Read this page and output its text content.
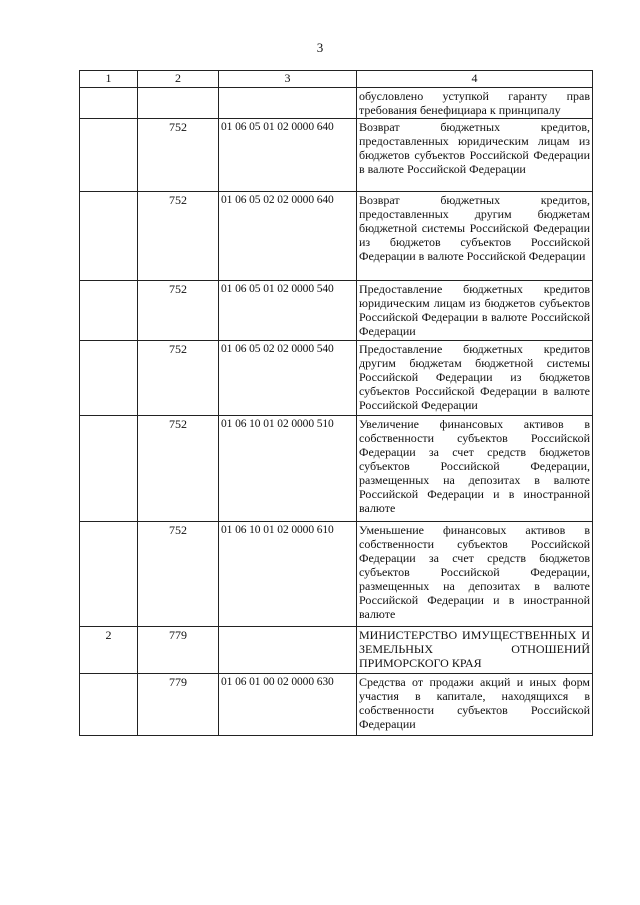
3
1	2	3	4
			обусловлено уступкой гаранту прав требования бенефициара к принципалу
	752	01 06 05 01 02 0000 640	Возврат бюджетных кредитов, предоставленных юридическим лицам из бюджетов субъектов Российской Федерации в валюте Российской Федерации
	752	01 06 05 02 02 0000 640	Возврат бюджетных кредитов, предоставленных другим бюджетам бюджетной системы Российской Федерации из бюджетов субъектов Российской Федерации в валюте Российской Федерации
	752	01 06 05 01 02 0000 540	Предоставление бюджетных кредитов юридическим лицам из бюджетов субъектов Российской Федерации в валюте Российской Федерации
	752	01 06 05 02 02 0000 540	Предоставление бюджетных кредитов другим бюджетам бюджетной системы Российской Федерации из бюджетов субъектов Российской Федерации в валюте Российской Федерации
	752	01 06 10 01 02 0000 510	Увеличение финансовых активов в собственности субъектов Российской Федерации за счет средств бюджетов субъектов Российской Федерации, размещенных на депозитах в валюте Российской Федерации и в иностранной валюте
	752	01 06 10 01 02 0000 610	Уменьшение финансовых активов в собственности субъектов Российской Федерации за счет средств бюджетов субъектов Российской Федерации, размещенных на депозитах в валюте Российской Федерации и в иностранной валюте
2	779		МИНИСТЕРСТВО ИМУЩЕСТВЕННЫХ И ЗЕМЕЛЬНЫХ ОТНОШЕНИЙ ПРИМОРСКОГО КРАЯ
	779	01 06 01 00 02 0000 630	Средства от продажи акций и иных форм участия в капитале, находящихся в собственности субъектов Российской Федерации
